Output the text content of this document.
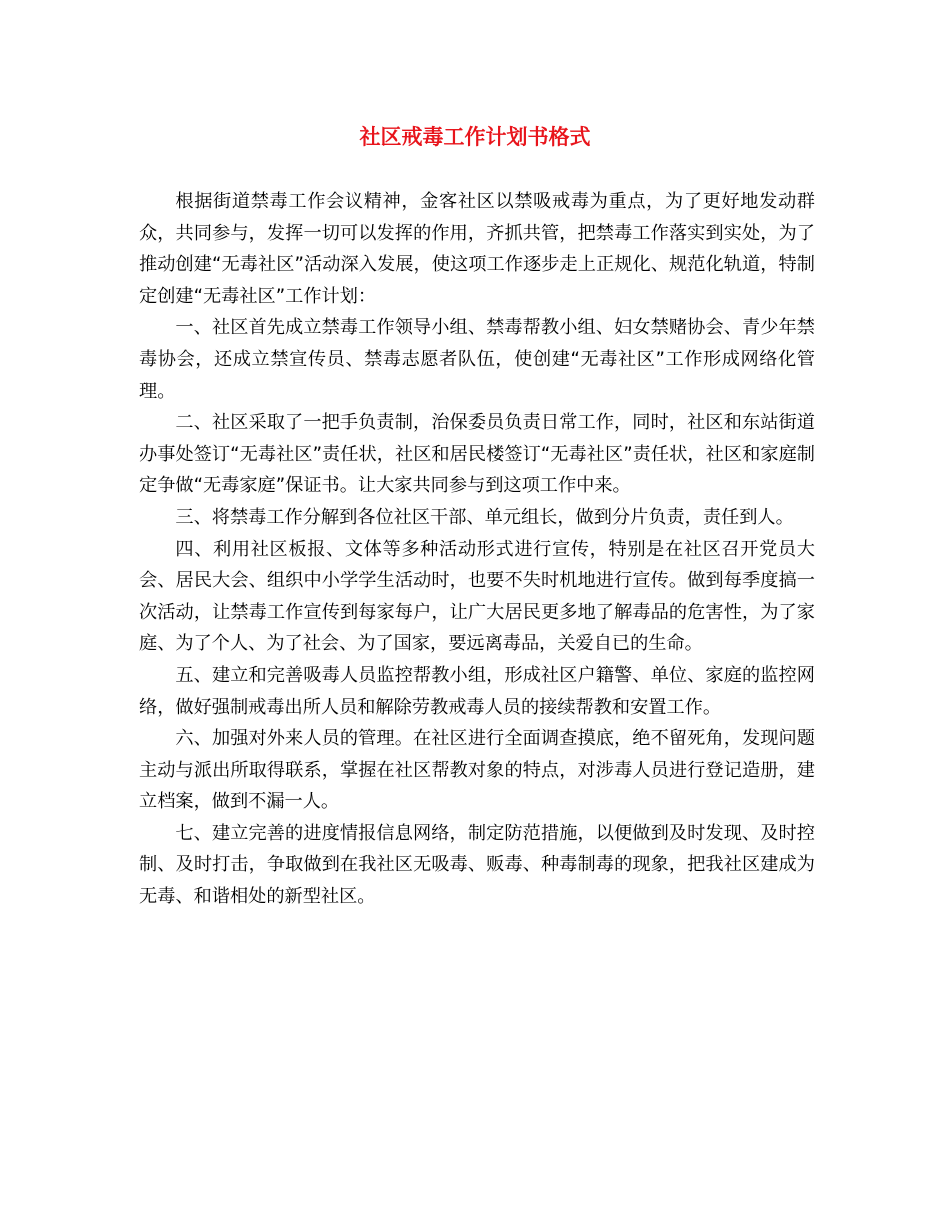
社区戒毒工作计划书格式

根据街道禁毒工作会议精神，金客社区以禁吸戒毒为重点，为了更好地发动群众，共同参与，发挥一切可以发挥的作用，齐抓共管，把禁毒工作落实到实处，为了推动创建“无毒社区”活动深入发展，使这项工作逐步走上正规化、规范化轨道，特制定创建“无毒社区”工作计划：

一、社区首先成立禁毒工作领导小组、禁毒帮教小组、妇女禁赌协会、青少年禁毒协会，还成立禁宣传员、禁毒志愿者队伍，使创建“无毒社区”工作形成网络化管理。

二、社区采取了一把手负责制，治保委员负责日常工作，同时，社区和东站街道办事处签订“无毒社区”责任状，社区和居民楼签订“无毒社区”责任状，社区和家庭制定争做“无毒家庭”保证书。让大家共同参与到这项工作中来。

三、将禁毒工作分解到各位社区干部、单元组长，做到分片负责，责任到人。

四、利用社区板报、文体等多种活动形式进行宣传，特别是在社区召开党员大会、居民大会、组织中小学学生活动时，也要不失时机地进行宣传。做到每季度搞一次活动，让禁毒工作宣传到每家每户，让广大居民更多地了解毒品的危害性，为了家庭、为了个人、为了社会、为了国家，要远离毒品，关爱自已的生命。

五、建立和完善吸毒人员监控帮教小组，形成社区户籍警、单位、家庭的监控网络，做好强制戒毒出所人员和解除劳教戒毒人员的接续帮教和安置工作。

六、加强对外来人员的管理。在社区进行全面调查摸底，绝不留死角，发现问题主动与派出所取得联系，掌握在社区帮教对象的特点，对涉毒人员进行登记造册，建立档案，做到不漏一人。

七、建立完善的进度情报信息网络，制定防范措施，以便做到及时发现、及时控制、及时打击，争取做到在我社区无吸毒、贩毒、种毒制毒的现象，把我社区建成为无毒、和谐相处的新型社区。
